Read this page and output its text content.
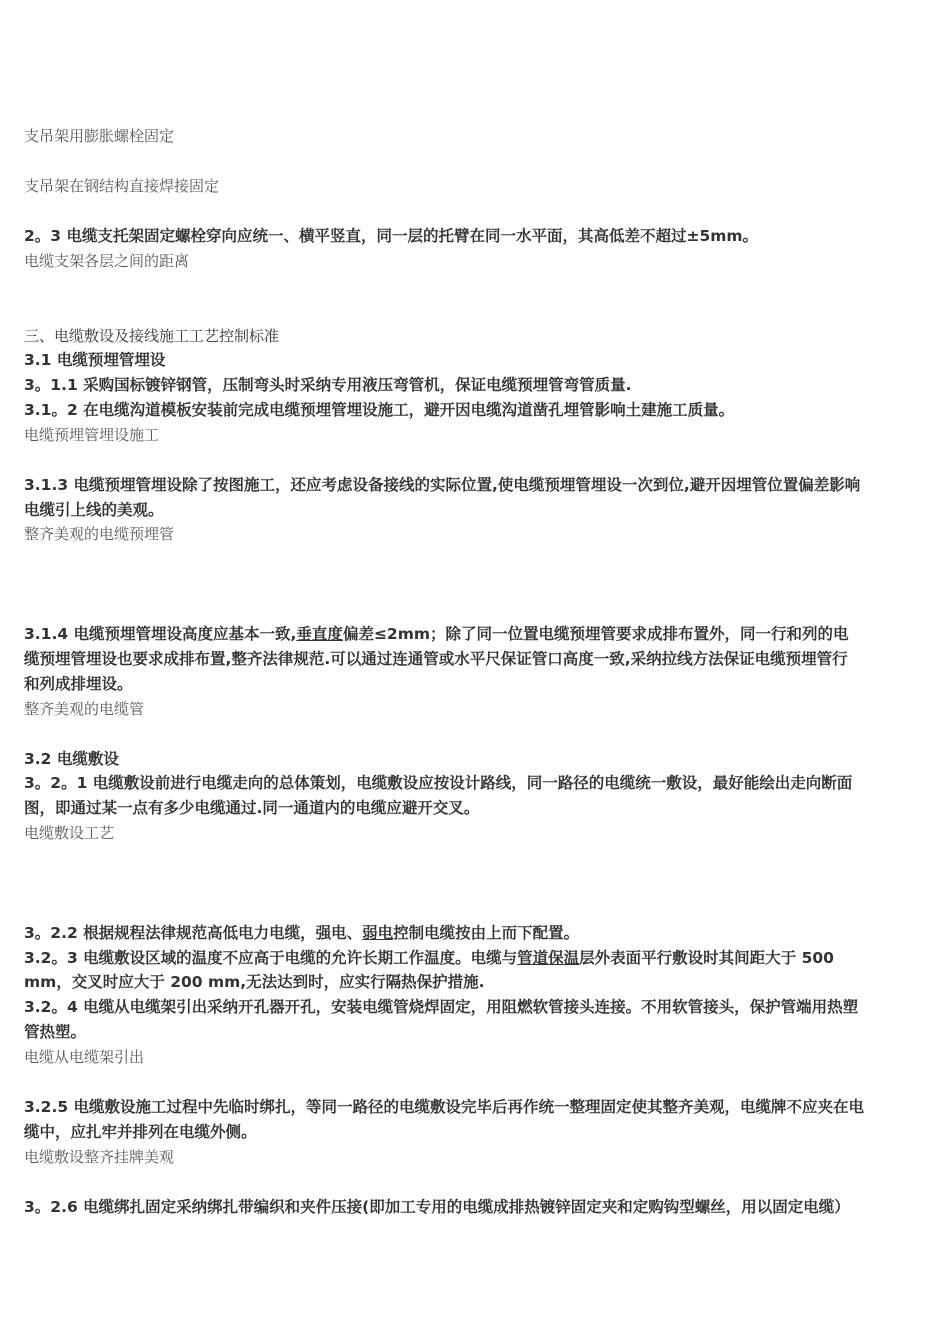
支吊架用膨胀螺栓固定
支吊架在钢结构直接焊接固定
2。3 电缆支托架固定螺栓穿向应统一、横平竖直，同一层的托臂在同一水平面，其高低差不超过±5mm。
电缆支架各层之间的距离
三、电缆敷设及接线施工工艺控制标准
3.1 电缆预埋管埋设
3。1.1 采购国标镀锌钢管，压制弯头时采纳专用液压弯管机，保证电缆预埋管弯管质量.
3.1。2 在电缆沟道模板安装前完成电缆预埋管埋设施工，避开因电缆沟道凿孔埋管影响土建施工质量。
电缆预埋管埋设施工
3.1.3 电缆预埋管埋设除了按图施工，还应考虑设备接线的实际位置,使电缆预埋管埋设一次到位,避开因埋管位置偏差影响
电缆引上线的美观。
整齐美观的电缆预埋管
3.1.4 电缆预埋管埋设高度应基本一致,垂直度偏差≤2mm；除了同一位置电缆预埋管要求成排布置外，同一行和列的电
缆预埋管埋设也要求成排布置,整齐法律规范.可以通过连通管或水平尺保证管口高度一致,采纳拉线方法保证电缆预埋管行
和列成排埋设。
整齐美观的电缆管
3.2 电缆敷设
3。2。1 电缆敷设前进行电缆走向的总体策划，电缆敷设应按设计路线，同一路径的电缆统一敷设，最好能绘出走向断面
图，即通过某一点有多少电缆通过.同一通道内的电缆应避开交叉。
电缆敷设工艺
3。2.2 根据规程法律规范高低电力电缆，强电、弱电控制电缆按由上而下配置。
3.2。3 电缆敷设区域的温度不应高于电缆的允许长期工作温度。电缆与管道保温层外表面平行敷设时其间距大于 500
mm，交叉时应大于 200 mm,无法达到时，应实行隔热保护措施.
3.2。4 电缆从电缆架引出采纳开孔器开孔，安装电缆管烧焊固定，用阻燃软管接头连接。不用软管接头，保护管端用热塑
管热塑。
电缆从电缆架引出
3.2.5 电缆敷设施工过程中先临时绑扎，等同一路径的电缆敷设完毕后再作统一整理固定使其整齐美观，电缆牌不应夹在电
缆中，应扎牢并排列在电缆外侧。
电缆敷设整齐挂牌美观
3。2.6 电缆绑扎固定采纳绑扎带编织和夹件压接(即加工专用的电缆成排热镀锌固定夹和定购钩型螺丝，用以固定电缆）
